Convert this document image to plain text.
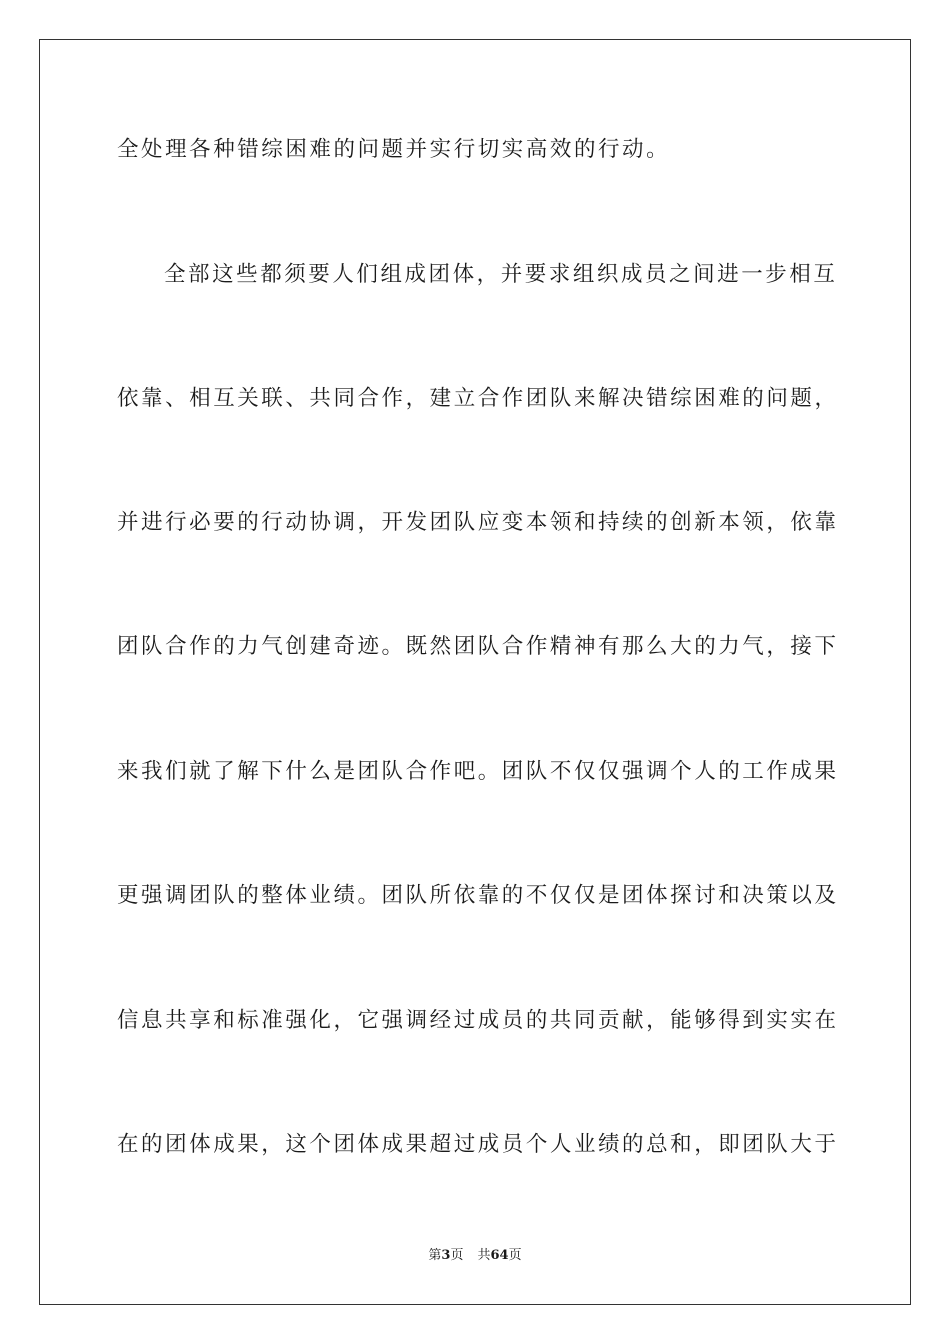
全处理各种错综困难的问题并实行切实高效的行动。
全部这些都须要人们组成团体，并要求组织成员之间进一步相互
依靠、相互关联、共同合作，建立合作团队来解决错综困难的问题，
并进行必要的行动协调，开发团队应变本领和持续的创新本领，依靠
团队合作的力气创建奇迹。既然团队合作精神有那么大的力气，接下
来我们就了解下什么是团队合作吧。团队不仅仅强调个人的工作成果
更强调团队的整体业绩。团队所依靠的不仅仅是团体探讨和决策以及
信息共享和标准强化，它强调经过成员的共同贡献，能够得到实实在
在的团体成果，这个团体成果超过成员个人业绩的总和，即团队大于
第3页 共64页
